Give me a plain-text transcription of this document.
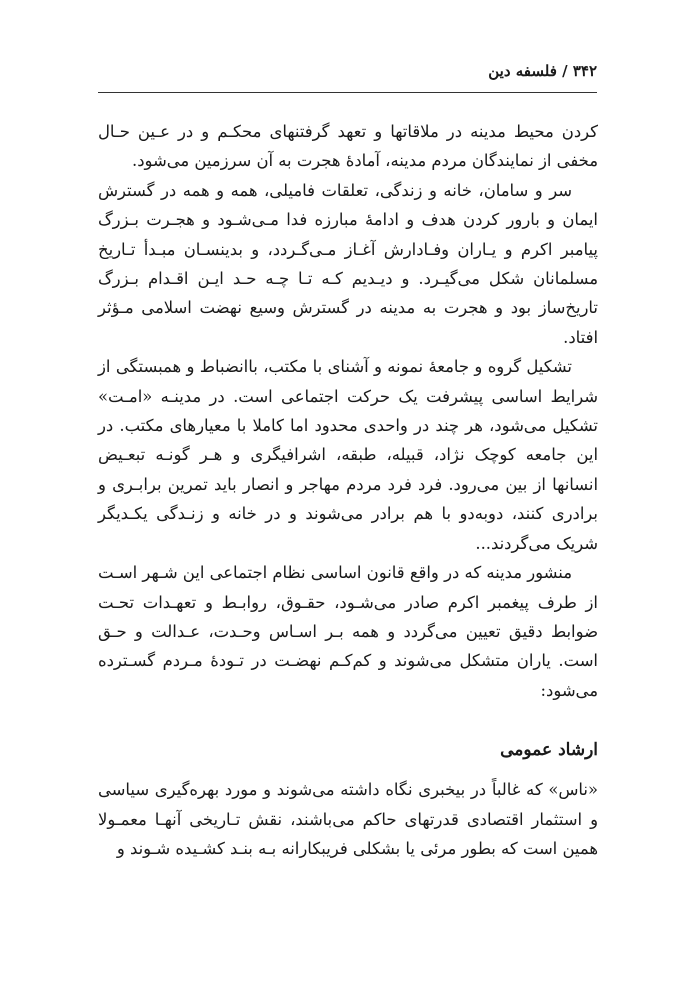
۳۴۲ / فلسفه دین

کردن محیط مدینه در ملاقاتها و تعهد گرفتنهای محکـم و در عـین حـال مخفی از نمایندگان مردم مدینه، آمادۀ هجرت به آن سرزمین می‌شود.

سر و سامان، خانه و زندگی، تعلقات فامیلی، همه و همه در گسترش ایمان و بارور کردن هدف و ادامۀ مبارزه فدا مـی‌شـود و هجـرت بـزرگ پیامبر اکرم و یـاران وفـادارش آغـاز مـی‌گـردد، و بدینسـان مبـدأ تـاریخ مسلمانان شکل می‌گیـرد. و دیـدیم کـه تـا چـه حـد ایـن اقـدام بـزرگ تاریخ‌ساز بود و هجرت به مدینه در گسترش وسیع نهضت اسلامی مـؤثر افتاد.

تشکیل گروه و جامعۀ نمونه و آشنای با مکتب، باانضباط و همبستگی از شرایط اساسی پیشرفت یک حرکت اجتماعی است. در مدینـه «امـت» تشکیل می‌شود، هر چند در واحدی محدود اما کاملا با معیارهای مکتب. در این جامعه کوچک نژاد، قبیله، طبقه، اشرافیگری و هـر گونـه تبعـیض انسانها از بین می‌رود. فرد فرد مردم مهاجر و انصار باید تمرین برابـری و برادری کنند، دوبه‌دو با هم برادر می‌شوند و در خانه و زنـدگی یکـدیگر شریک می‌گردند...

منشور مدینه که در واقع قانون اساسی نظام اجتماعی این شـهر اسـت از طرف پیغمبر اکرم صادر می‌شـود، حقـوق، روابـط و تعهـدات تحـت ضوابط دقیق تعیین می‌گردد و همه بـر اسـاس وحـدت، عـدالت و حـق است. یاران متشکل می‌شوند و کم‌کـم نهضـت در تـودۀ مـردم گسـترده می‌شود:

ارشاد عمومی

«ناس» که غالباً در بیخبری نگاه داشته می‌شوند و مورد بهره‌گیری سیاسی و استثمار اقتصادی قدرتهای حاکم می‌باشند، نقش تـاریخی آنهـا معمـولا همین است که بطور مرئی یا بشکلی فریبکارانه بـه بنـد کشـیده شـوند و
